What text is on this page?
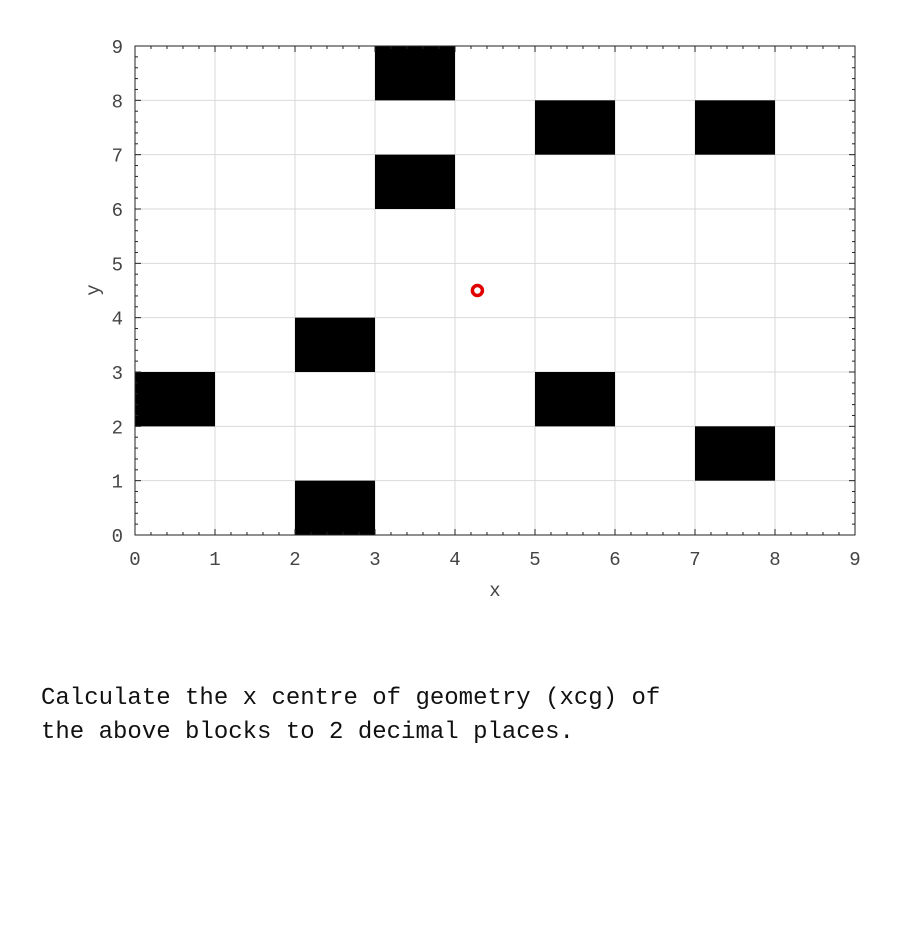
0	1	2	3	4	5	6	7	8	9
0
1
2
3
4
5
6
7
8
9
x
y

Calculate the x centre of geometry (xcg) of
the above blocks to 2 decimal places.
